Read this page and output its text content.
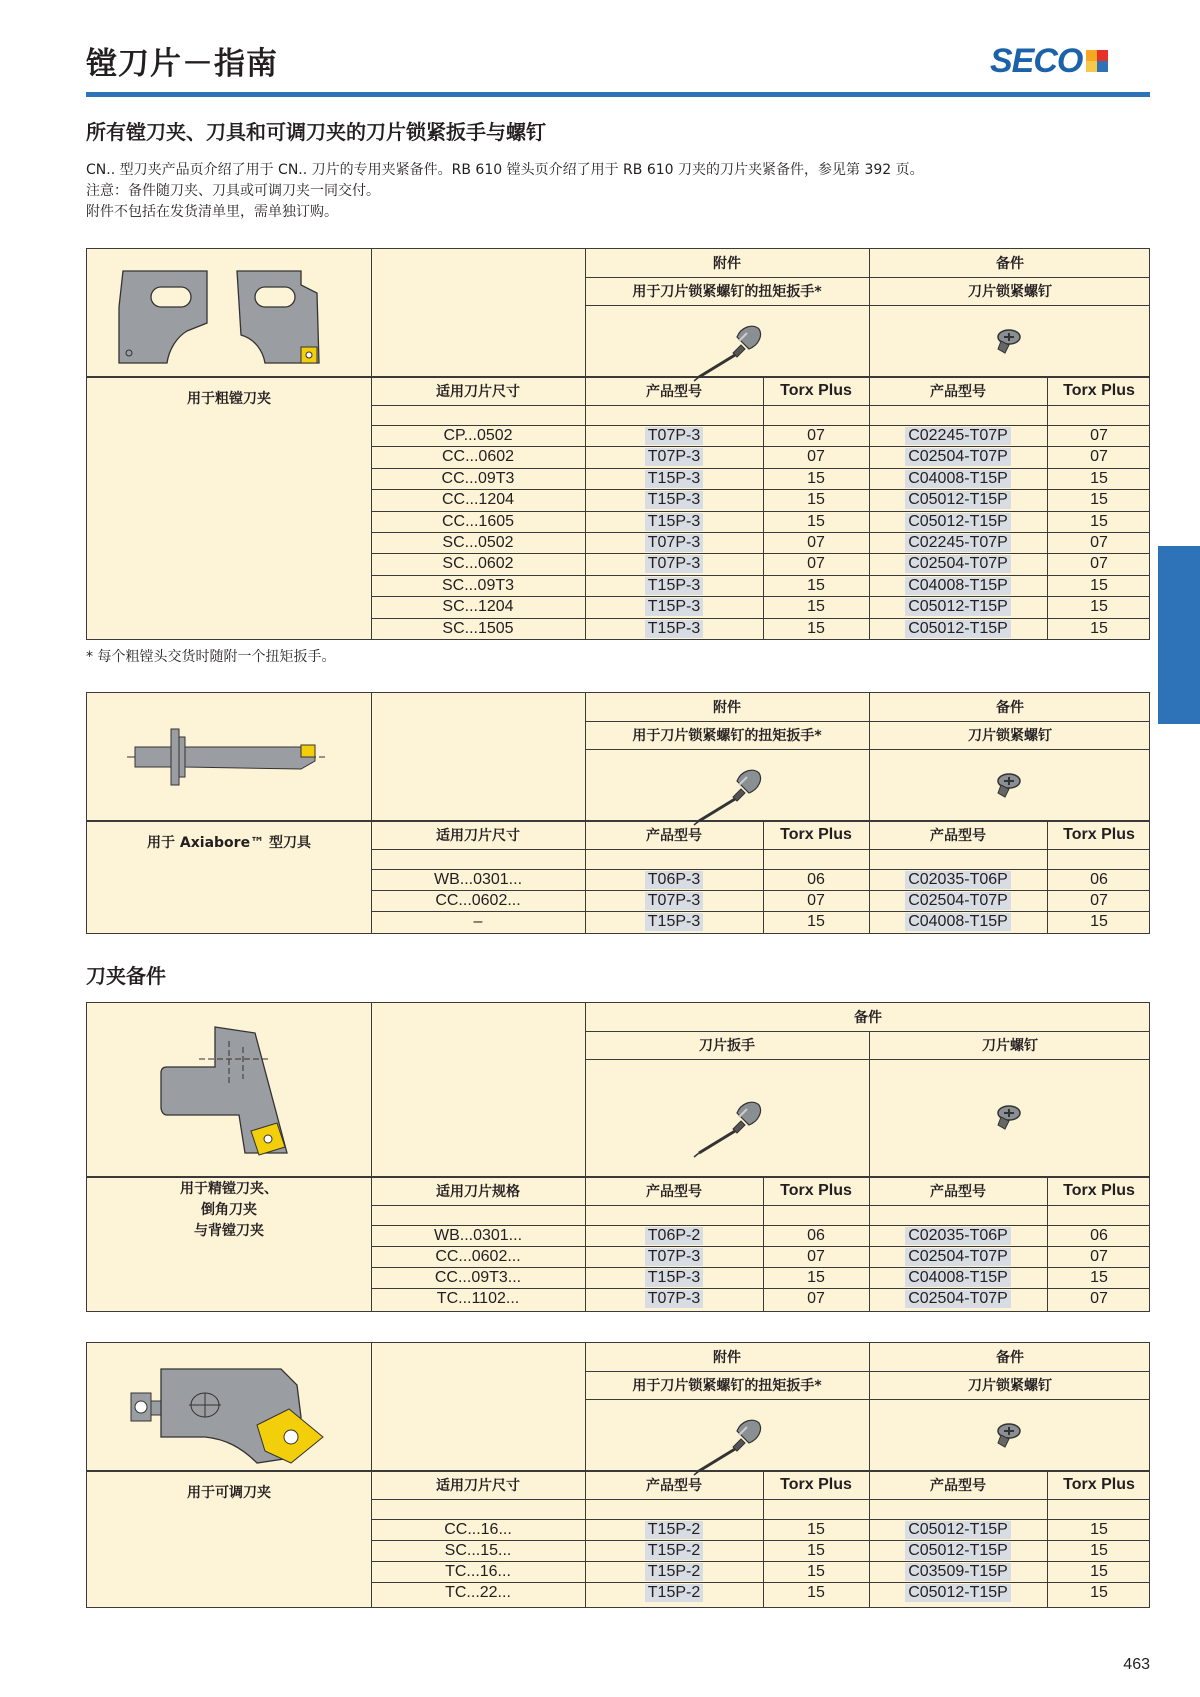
镗刀片－指南	SECO
所有镗刀夹、刀具和可调刀夹的刀片锁紧扳手与螺钉
CN.. 型刀夹产品页介绍了用于 CN.. 刀片的专用夹紧备件。RB 610 镗头页介绍了用于 RB 610 刀夹的刀片夹紧备件，参见第 392 页。
注意：备件随刀夹、刀具或可调刀夹一同交付。
附件不包括在发货清单里，需单独订购。
附件	备件
用于刀片锁紧螺钉的扭矩扳手*	刀片锁紧螺钉
用于粗镗刀夹	适用刀片尺寸	产品型号	Torx Plus	产品型号	Torx Plus
CP...0502	T07P-3	07	C02245-T07P	07
CC...0602	T07P-3	07	C02504-T07P	07
CC...09T3	T15P-3	15	C04008-T15P	15
CC...1204	T15P-3	15	C05012-T15P	15
CC...1605	T15P-3	15	C05012-T15P	15
SC...0502	T07P-3	07	C02245-T07P	07
SC...0602	T07P-3	07	C02504-T07P	07
SC...09T3	T15P-3	15	C04008-T15P	15
SC...1204	T15P-3	15	C05012-T15P	15
SC...1505	T15P-3	15	C05012-T15P	15
* 每个粗镗头交货时随附一个扭矩扳手。
附件	备件
用于刀片锁紧螺钉的扭矩扳手*	刀片锁紧螺钉
用于 Axiabore™ 型刀具	适用刀片尺寸	产品型号	Torx Plus	产品型号	Torx Plus
WB...0301...	T06P-3	06	C02035-T06P	06
CC...0602...	T07P-3	07	C02504-T07P	07
–	T15P-3	15	C04008-T15P	15
刀夹备件
备件
刀片扳手	刀片螺钉
用于精镗刀夹、
倒角刀夹
与背镗刀夹
适用刀片规格	产品型号	Torx Plus	产品型号	Torx Plus
WB...0301...	T06P-2	06	C02035-T06P	06
CC...0602...	T07P-3	07	C02504-T07P	07
CC...09T3...	T15P-3	15	C04008-T15P	15
TC...1102...	T07P-3	07	C02504-T07P	07
附件	备件
用于刀片锁紧螺钉的扭矩扳手*	刀片锁紧螺钉
用于可调刀夹	适用刀片尺寸	产品型号	Torx Plus	产品型号	Torx Plus
CC...16...	T15P-2	15	C05012-T15P	15
SC...15...	T15P-2	15	C05012-T15P	15
TC...16...	T15P-2	15	C03509-T15P	15
TC...22...	T15P-2	15	C05012-T15P	15
463
